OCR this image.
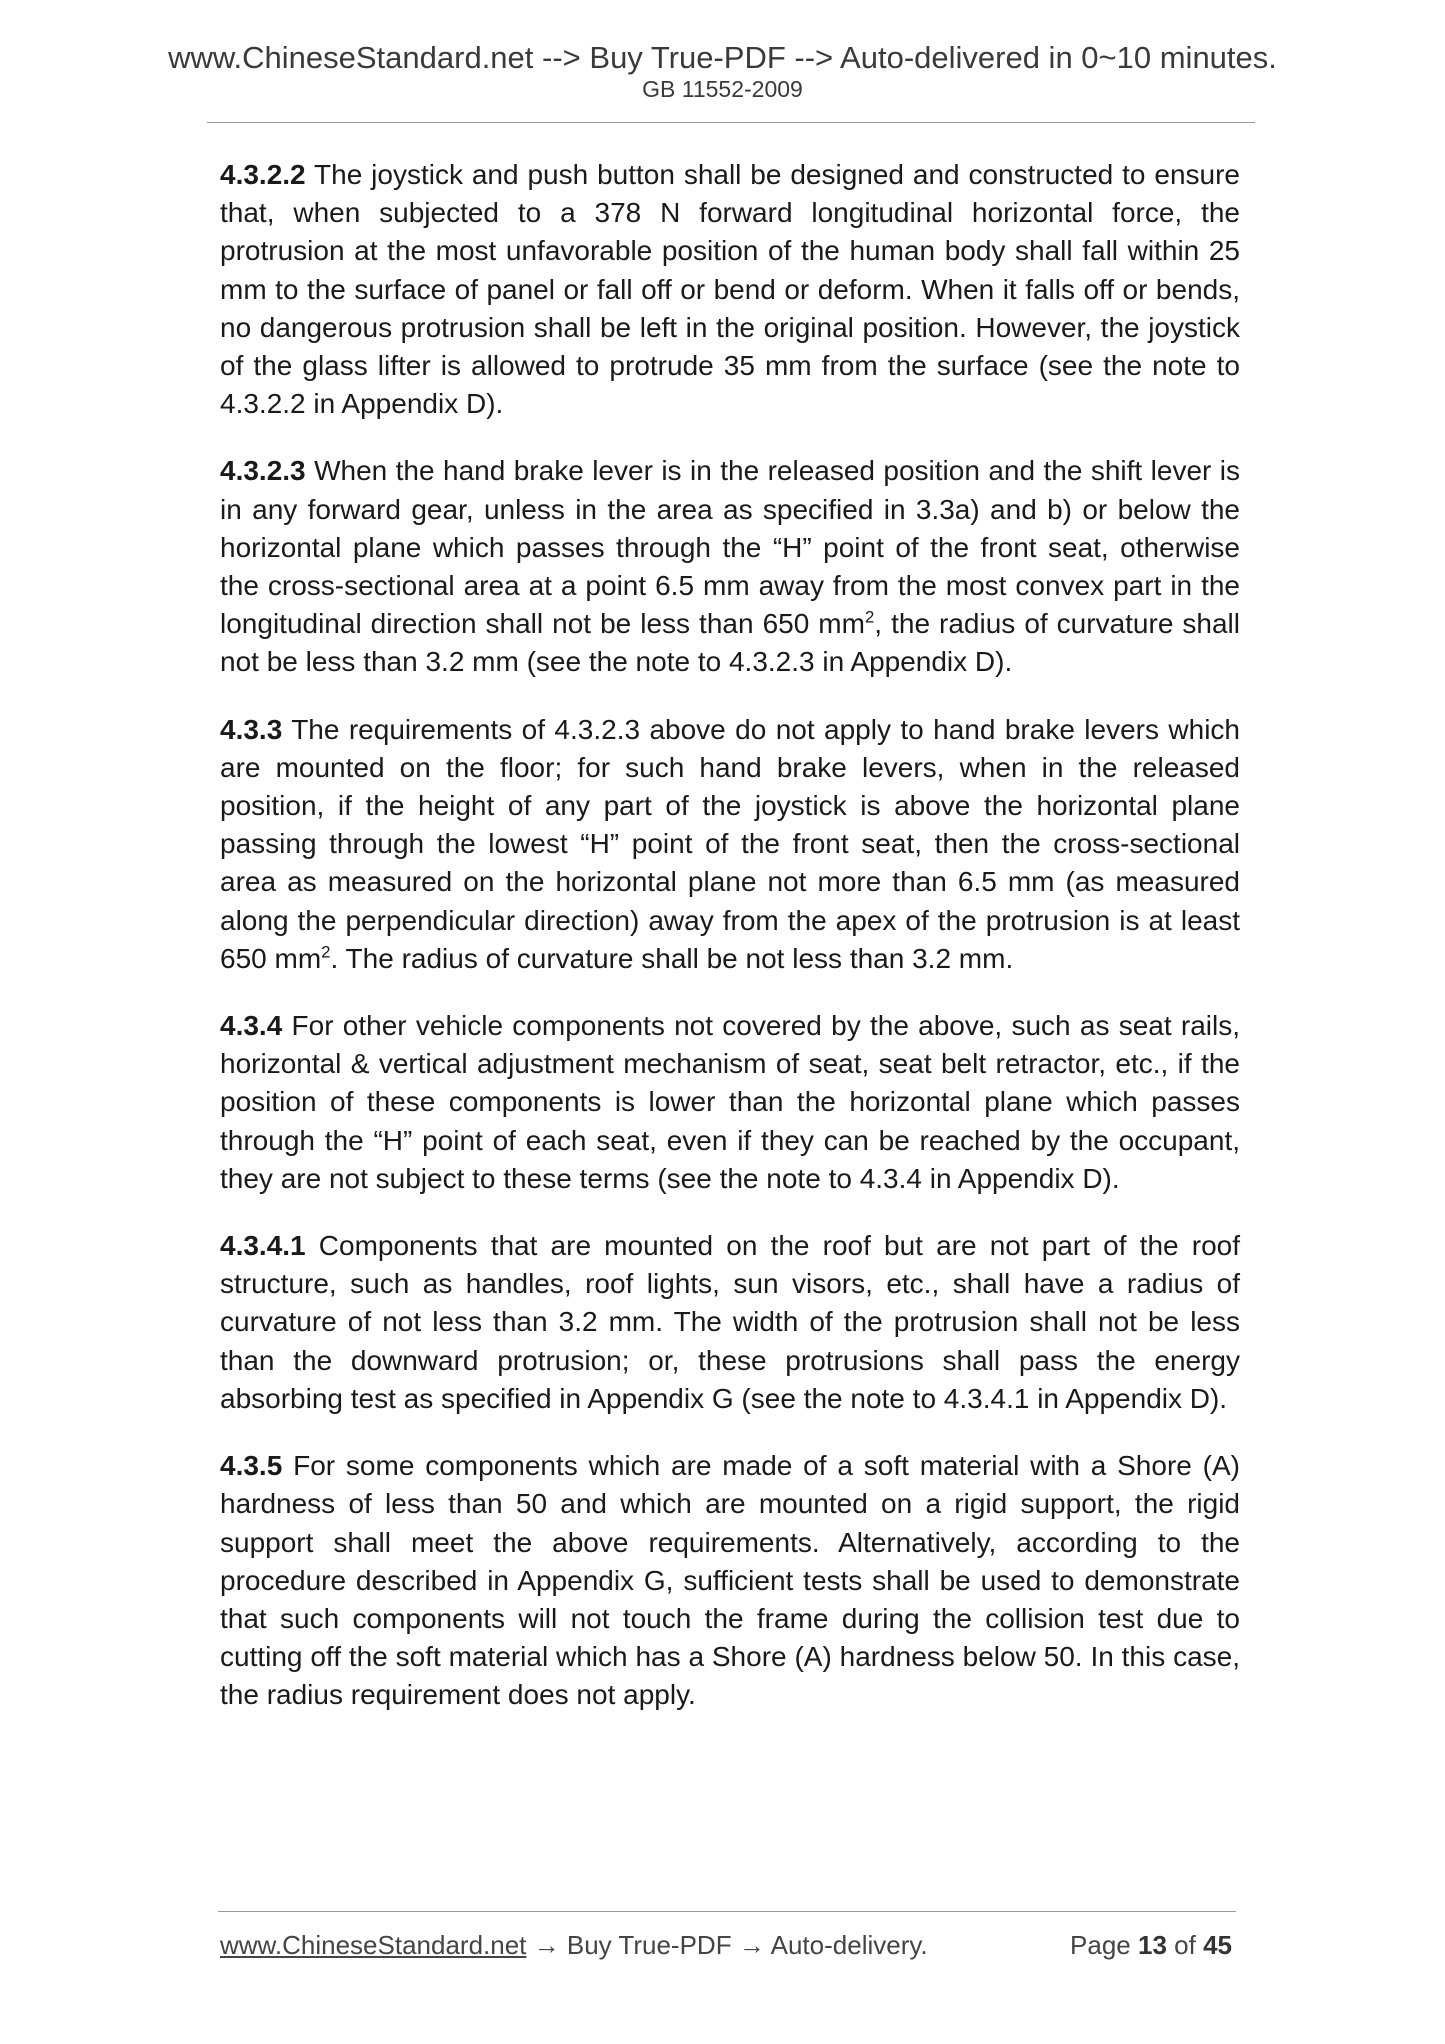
www.ChineseStandard.net --> Buy True-PDF --> Auto-delivered in 0~10 minutes.
GB 11552-2009

4.3.2.2 The joystick and push button shall be designed and constructed to ensure that, when subjected to a 378 N forward longitudinal horizontal force, the protrusion at the most unfavorable position of the human body shall fall within 25 mm to the surface of panel or fall off or bend or deform. When it falls off or bends, no dangerous protrusion shall be left in the original position. However, the joystick of the glass lifter is allowed to protrude 35 mm from the surface (see the note to 4.3.2.2 in Appendix D).

4.3.2.3 When the hand brake lever is in the released position and the shift lever is in any forward gear, unless in the area as specified in 3.3a) and b) or below the horizontal plane which passes through the “H” point of the front seat, otherwise the cross-sectional area at a point 6.5 mm away from the most convex part in the longitudinal direction shall not be less than 650 $mm^2$, the radius of curvature shall not be less than 3.2 mm (see the note to 4.3.2.3 in Appendix D).

4.3.3 The requirements of 4.3.2.3 above do not apply to hand brake levers which are mounted on the floor; for such hand brake levers, when in the released position, if the height of any part of the joystick is above the horizontal plane passing through the lowest “H” point of the front seat, then the cross-sectional area as measured on the horizontal plane not more than 6.5 mm (as measured along the perpendicular direction) away from the apex of the protrusion is at least 650 $mm^2$. The radius of curvature shall be not less than 3.2 mm.

4.3.4 For other vehicle components not covered by the above, such as seat rails, horizontal & vertical adjustment mechanism of seat, seat belt retractor, etc., if the position of these components is lower than the horizontal plane which passes through the “H” point of each seat, even if they can be reached by the occupant, they are not subject to these terms (see the note to 4.3.4 in Appendix D).

4.3.4.1 Components that are mounted on the roof but are not part of the roof structure, such as handles, roof lights, sun visors, etc., shall have a radius of curvature of not less than 3.2 mm. The width of the protrusion shall not be less than the downward protrusion; or, these protrusions shall pass the energy absorbing test as specified in Appendix G (see the note to 4.3.4.1 in Appendix D).

4.3.5 For some components which are made of a soft material with a Shore (A) hardness of less than 50 and which are mounted on a rigid support, the rigid support shall meet the above requirements. Alternatively, according to the procedure described in Appendix G, sufficient tests shall be used to demonstrate that such components will not touch the frame during the collision test due to cutting off the soft material which has a Shore (A) hardness below 50. In this case, the radius requirement does not apply.

www.ChineseStandard.net → Buy True-PDF → Auto-delivery.	Page 13 of 45
